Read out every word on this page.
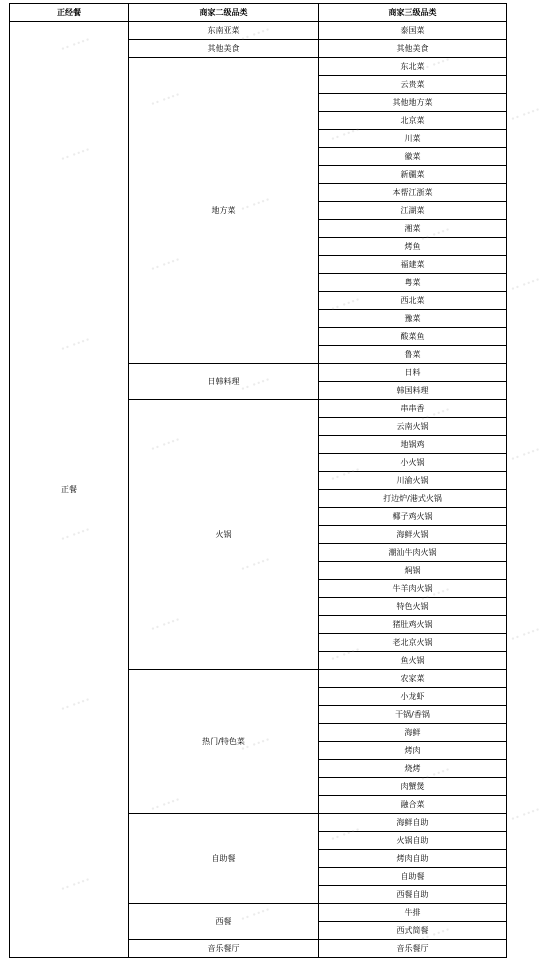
正经餐	商家二级品类	商家三级品类
正餐	东南亚菜	泰国菜
	其他美食	其他美食
	地方菜	东北菜
		云贵菜
		其他地方菜
		北京菜
		川菜
		徽菜
		新疆菜
		本帮江浙菜
		江湖菜
		湘菜
		烤鱼
		福建菜
		粤菜
		西北菜
		豫菜
		酸菜鱼
		鲁菜
	日韩料理	日料
		韩国料理
	火锅	串串香
		云南火锅
		地锅鸡
		小火锅
		川渝火锅
		打边炉/港式火锅
		椰子鸡火锅
		海鲜火锅
		潮汕牛肉火锅
		焖锅
		牛羊肉火锅
		特色火锅
		猪肚鸡火锅
		老北京火锅
		鱼火锅
	热门/特色菜	农家菜
		小龙虾
		干锅/香锅
		海鲜
		烤肉
		烧烤
		肉蟹煲
		融合菜
	自助餐	海鲜自助
		火锅自助
		烤肉自助
		自助餐
		西餐自助
	西餐	牛排
		西式简餐
	音乐餐厅	音乐餐厅
•• ••••
•• ••••
•• ••••
•• ••••
•• ••••
•• ••••
•• ••••
•• ••••
•• ••••
•• ••••
•• ••••
•• ••••
•• ••••
•• ••••
•• ••••
•• ••••
•• ••••
•• ••••
•• ••••
•• ••••
•• ••••
•• ••••
•• ••••
•• ••••
•• ••••
•• ••••
•• ••••
•• ••••
•• ••••
•• ••••
•• ••••
•• ••••
•• ••••
